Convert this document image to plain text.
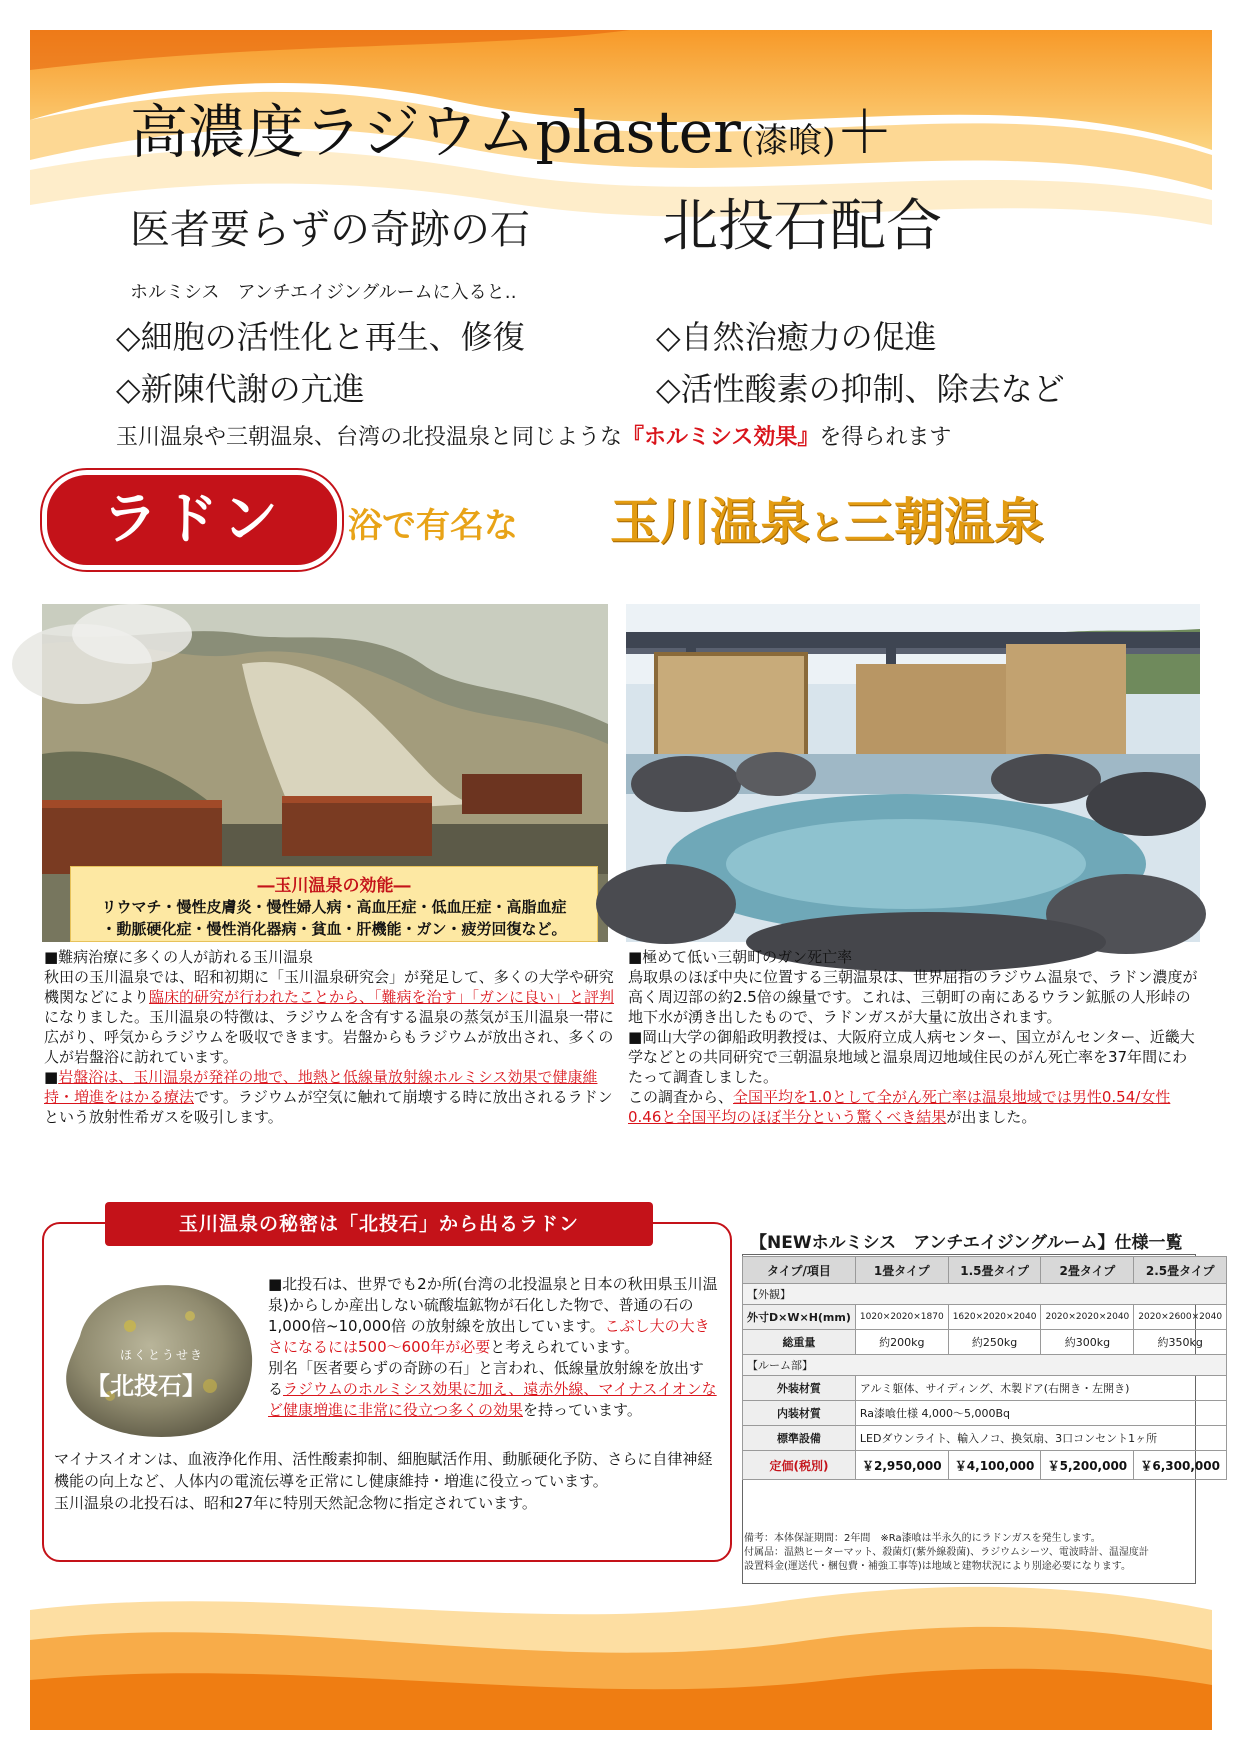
高濃度ラジウムplaster(漆喰)＋
医者要らずの奇跡の石 北投石配合
ホルミシス　アンチエイジングルームに入ると‥
◇細胞の活性化と再生、修復	◇自然治癒力の促進
◇新陳代謝の亢進	◇活性酸素の抑制、除去など
玉川温泉や三朝温泉、台湾の北投温泉と同じような『ホルミシス効果』を得られます
ラドン	浴で有名な 玉川温泉と三朝温泉
―玉川温泉の効能―
リウマチ・慢性皮膚炎・慢性婦人病・高血圧症・低血圧症・高脂血症
・動脈硬化症・慢性消化器病・貧血・肝機能・ガン・疲労回復など。
■難病治療に多くの人が訪れる玉川温泉
秋田の玉川温泉では、昭和初期に「玉川温泉研究会」が発足して、多くの大学や研究機関などにより臨床的研究が行われたことから、「難病を治す」「ガンに良い」と評判になりました。玉川温泉の特徴は、ラジウムを含有する温泉の蒸気が玉川温泉一帯に広がり、呼気からラジウムを吸収できます。岩盤からもラジウムが放出され、多くの人が岩盤浴に訪れています。
■岩盤浴は、玉川温泉が発祥の地で、地熱と低線量放射線ホルミシス効果で健康維持・増進をはかる療法です。ラジウムが空気に触れて崩壊する時に放出されるラドンという放射性希ガスを吸引します。
■極めて低い三朝町のガン死亡率
鳥取県のほぼ中央に位置する三朝温泉は、世界屈指のラジウム温泉で、ラドン濃度が高く周辺部の約2.5倍の線量です。これは、三朝町の南にあるウラン鉱脈の人形峠の地下水が湧き出したもので、ラドンガスが大量に放出されます。
■岡山大学の御船政明教授は、大阪府立成人病センター、国立がんセンター、近畿大学などとの共同研究で三朝温泉地域と温泉周辺地域住民のがん死亡率を37年間にわたって調査しました。
この調査から、全国平均を1.0として全がん死亡率は温泉地域では男性0.54/女性0.46と全国平均のほぼ半分という驚くべき結果が出ました。
玉川温泉の秘密は「北投石」から出るラドン
ほくとうせき
【北投石】
■北投石は、世界でも2か所(台湾の北投温泉と日本の秋田県玉川温泉)からしか産出しない硫酸塩鉱物が石化した物で、普通の石の1,000倍~10,000倍 の放射線を放出しています。こぶし大の大きさになるには500～600年が必要と考えられています。
別名「医者要らずの奇跡の石」と言われ、低線量放射線を放出するラジウムのホルミシス効果に加え、遠赤外線、マイナスイオンなど健康増進に非常に役立つ多くの効果を持っています。
マイナスイオンは、血液浄化作用、活性酸素抑制、細胞賦活作用、動脈硬化予防、さらに自律神経機能の向上など、人体内の電流伝導を正常にし健康維持・増進に役立っています。
玉川温泉の北投石は、昭和27年に特別天然記念物に指定されています。
【NEWホルミシス　アンチエイジングルーム】仕様一覧
タイプ/項目	1畳タイプ	1.5畳タイプ	2畳タイプ	2.5畳タイプ
【外観】				
外寸D×W×H(mm)	1020×2020×1870	1620×2020×2040	2020×2020×2040	2020×2600×2040
総重量	約200kg	約250kg	約300kg	約350kg
【ルーム部】				
外装材質	アルミ躯体、サイディング、木製ドア(右開き・左開き)			
内装材質	Ra漆喰仕様 4,000～5,000Bq			
標準設備	LEDダウンライト、輸入ノコ、換気扇、3口コンセント1ヶ所			
定価(税別)	￥2,950,000	￥4,100,000	￥5,200,000	￥6,300,000
備考：本体保証期間：2年間　※Ra漆喰は半永久的にラドンガスを発生します。
付属品：温熱ヒーターマット、殺菌灯(紫外線殺菌)、ラジウムシーツ、電波時計、温湿度計
設置料金(運送代・梱包費・補強工事等)は地域と建物状況により別途必要になります。
